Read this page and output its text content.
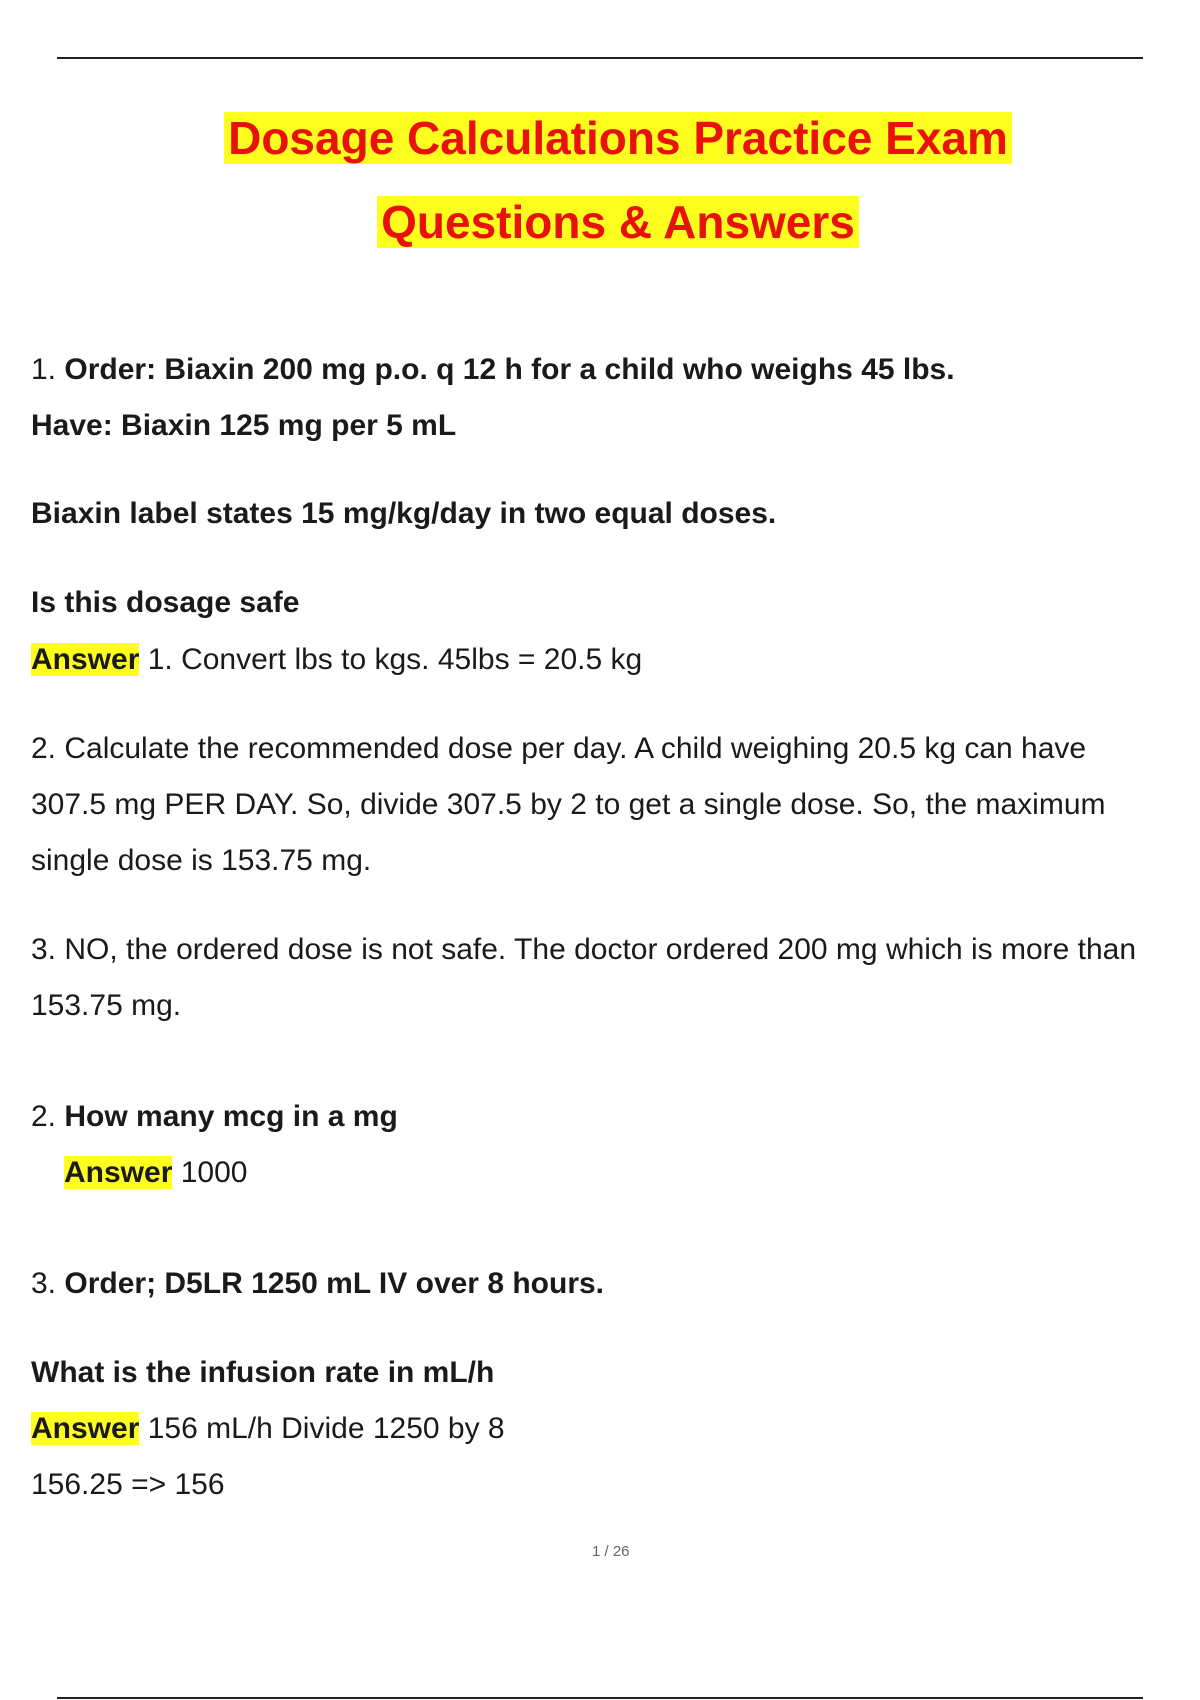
Dosage Calculations Practice Exam
Questions & Answers
1. Order: Biaxin 200 mg p.o. q 12 h for a child who weighs 45 lbs.
Have: Biaxin 125 mg per 5 mL
Biaxin label states 15 mg/kg/day in two equal doses.
Is this dosage safe
Answer 1. Convert lbs to kgs. 45lbs = 20.5 kg
2. Calculate the recommended dose per day. A child weighing 20.5 kg can have
307.5 mg PER DAY. So, divide 307.5 by 2 to get a single dose. So, the maximum
single dose is 153.75 mg.
3. NO, the ordered dose is not safe. The doctor ordered 200 mg which is more than
153.75 mg.
2. How many mcg in a mg
Answer 1000
3. Order; D5LR 1250 mL IV over 8 hours.
What is the infusion rate in mL/h
Answer 156 mL/h Divide 1250 by 8
156.25 => 156
1 / 26
